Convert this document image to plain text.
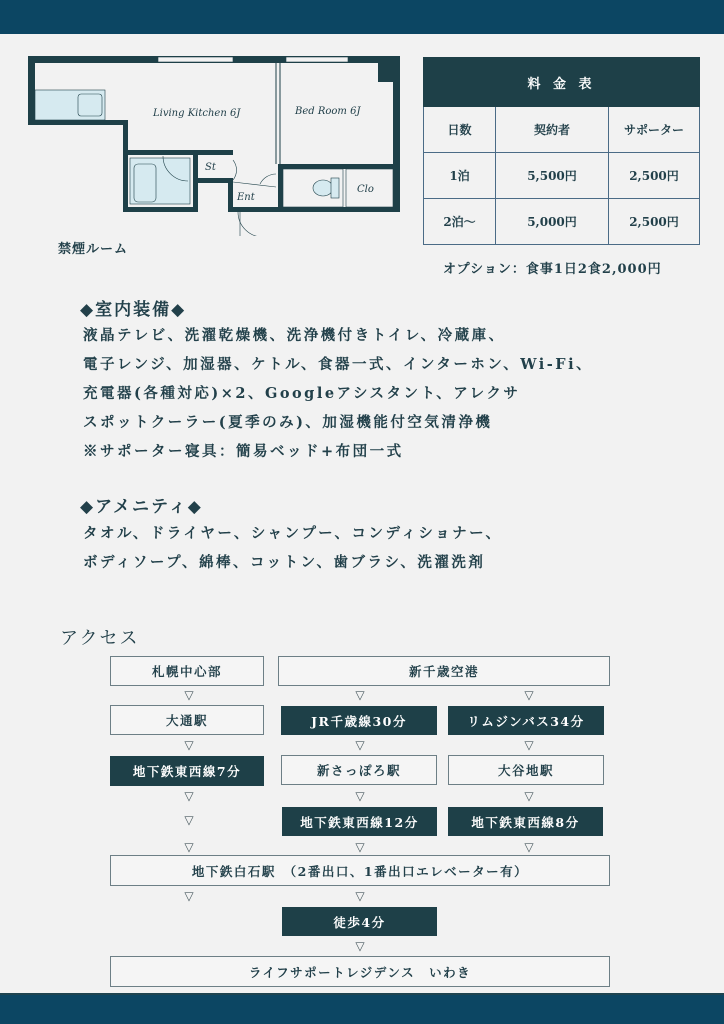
Living Kitchen 6J	Bed Room 6J
St
Ent
Clo
禁煙ルーム
料 金 表		
日数	契約者	サポーター
1泊	5,500円	2,500円
2泊〜	5,000円	2,500円
オプション：食事1日2食2,000円
◆室内装備◆
液晶テレビ、洗濯乾燥機、洗浄機付きトイレ、冷蔵庫、
電子レンジ、加湿器、ケトル、食器一式、インターホン、Wi-Fi、
充電器(各種対応)×2、Googleアシスタント、アレクサ
スポットクーラー(夏季のみ)、加湿機能付空気清浄機
※サポーター寝具：簡易ベッド+布団一式
◆アメニティ◆
タオル、ドライヤー、シャンプー、コンディショナー、
ボディソープ、綿棒、コットン、歯ブラシ、洗濯洗剤
アクセス
札幌中心部	新千歳空港
▽	▽	▽
大通駅	JR千歳線30分	リムジンバス34分
▽	▽	▽
地下鉄東西線7分	新さっぽろ駅	大谷地駅
▽	▽	▽
▽	地下鉄東西線12分	地下鉄東西線8分
▽	▽	▽
地下鉄白石駅　（2番出口、1番出口エレベーター有）
▽	▽
徒歩4分
▽
ライフサポートレジデンス　いわき
